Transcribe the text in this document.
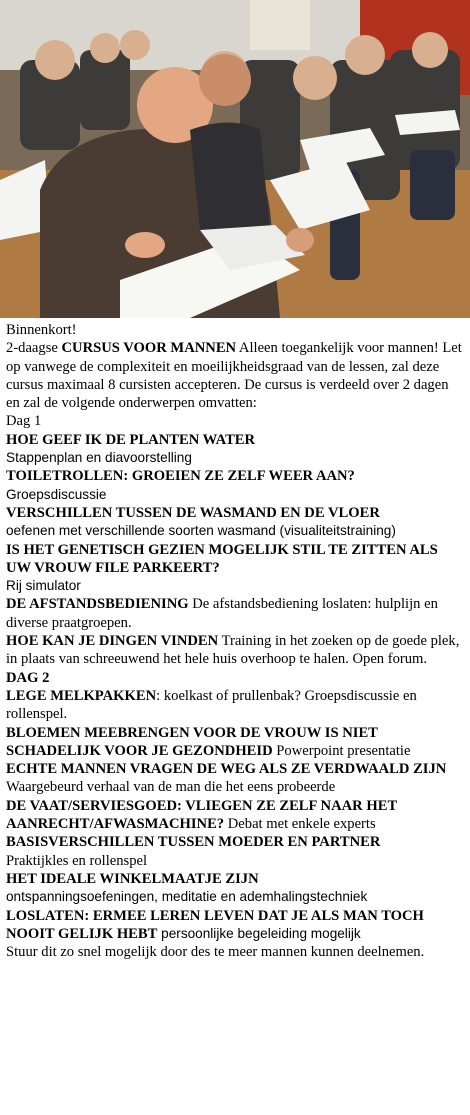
Binnenkort!
2-daagse CURSUS VOOR MANNEN Alleen toegankelijk voor mannen! Let op vanwege de complexiteit en moeilijkheidsgraad van de lessen, zal deze cursus maximaal 8 cursisten accepteren. De cursus is verdeeld over 2 dagen en zal de volgende onderwerpen omvatten:
Dag 1
HOE GEEF IK DE PLANTEN WATER
Stappenplan en diavoorstelling
TOILETROLLEN: GROEIEN ZE ZELF WEER AAN?
Groepsdiscussie
VERSCHILLEN TUSSEN DE WASMAND EN DE VLOER
oefenen met verschillende soorten wasmand (visualiteitstraining)
IS HET GENETISCH GEZIEN MOGELIJK STIL TE ZITTEN ALS UW VROUW FILE PARKEERT?
Rij simulator
DE AFSTANDSBEDIENING De afstandsbediening loslaten: hulplijn en diverse praatgroepen.
HOE KAN JE DINGEN VINDEN Training in het zoeken op de goede plek, in plaats van schreeuwend het hele huis overhoop te halen. Open forum.
DAG 2
LEGE MELKPAKKEN: koelkast of prullenbak? Groepsdiscussie en rollenspel.
BLOEMEN MEEBRENGEN VOOR DE VROUW IS NIET SCHADELIJK VOOR JE GEZONDHEID Powerpoint presentatie
ECHTE MANNEN VRAGEN DE WEG ALS ZE VERDWAALD ZIJN Waargebeurd verhaal van de man die het eens probeerde
DE VAAT/SERVIESGOED: VLIEGEN ZE ZELF NAAR HET AANRECHT/AFWASMACHINE? Debat met enkele experts
BASISVERSCHILLEN TUSSEN MOEDER EN PARTNER
Praktijkles en rollenspel
HET IDEALE WINKELMAATJE ZIJN
ontspanningsoefeningen, meditatie en ademhalingstechniek
LOSLATEN: ERMEE LEREN LEVEN DAT JE ALS MAN TOCH NOOIT GELIJK HEBT persoonlijke begeleiding mogelijk
Stuur dit zo snel mogelijk door des te meer mannen kunnen deelnemen.
